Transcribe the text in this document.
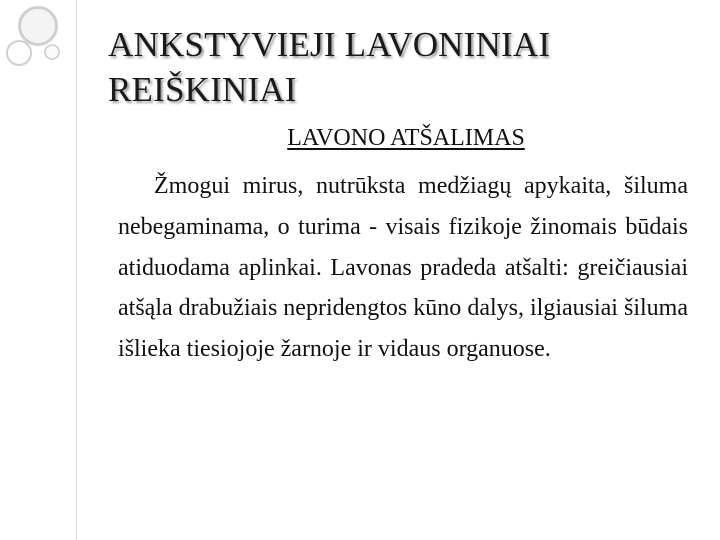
ANKSTYVIEJI LAVONINIAI REIŠKINIAI
LAVONO ATŠALIMAS

Žmogui mirus, nutrūksta medžiagų apykaita, šiluma nebegaminama, o turima - visais fizikoje žinomais būdais atiduodama aplinkai. Lavonas pradeda atšalti: greičiausiai atšąla drabužiais nepridengtos kūno dalys, ilgiausiai šiluma išlieka tiesiojoje žarnoje ir vidaus organuose.
